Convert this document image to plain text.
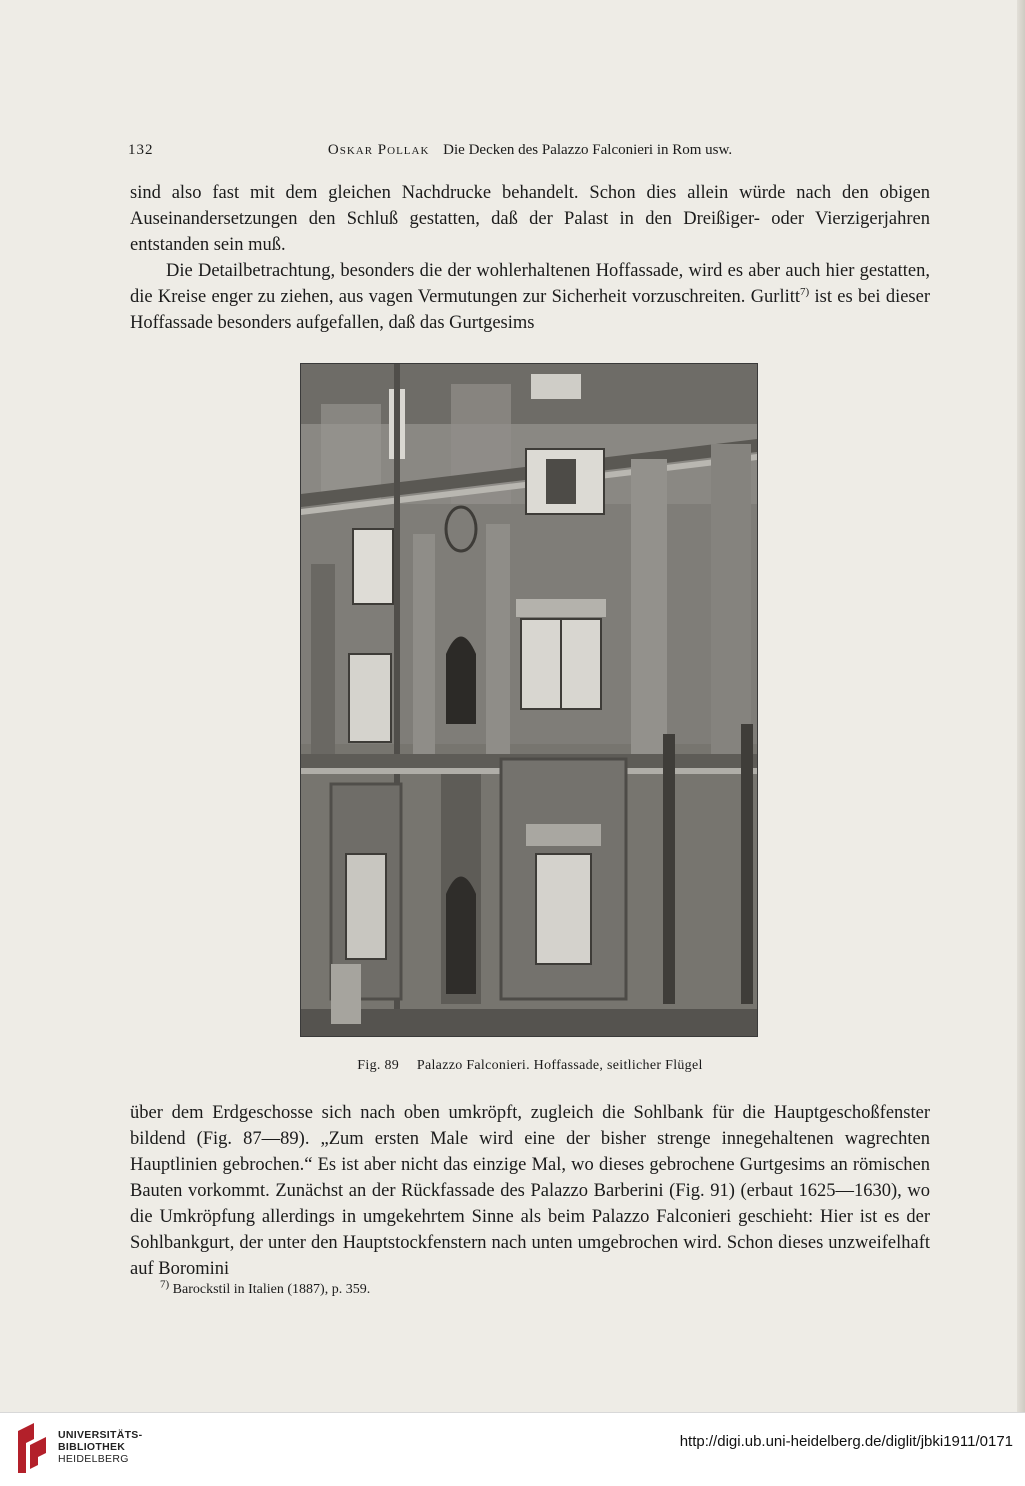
132	Oskar Pollak Die Decken des Palazzo Falconieri in Rom usw.

sind also fast mit dem gleichen Nachdrucke behandelt. Schon dies allein würde nach den obigen Auseinandersetzungen den Schluß gestatten, daß der Palast in den Dreißiger- oder Vierzigerjahren entstanden sein muß.

Die Detailbetrachtung, besonders die der wohlerhaltenen Hoffassade, wird es aber auch hier gestatten, die Kreise enger zu ziehen, aus vagen Vermutungen zur Sicherheit vorzuschreiten. Gurlitt$^{7)}$ ist es bei dieser Hoffassade besonders aufgefallen, daß das Gurtgesims

Fig. 89 Palazzo Falconieri. Hoffassade, seitlicher Flügel

über dem Erdgeschosse sich nach oben umkröpft, zugleich die Sohlbank für die Hauptgeschoßfenster bildend (Fig. 87—89). „Zum ersten Male wird eine der bisher strenge innegehaltenen wagrechten Hauptlinien gebrochen.“ Es ist aber nicht das einzige Mal, wo dieses gebrochene Gurtgesims an römischen Bauten vorkommt. Zunächst an der Rückfassade des Palazzo Barberini (Fig. 91) (erbaut 1625—1630), wo die Umkröpfung allerdings in umgekehrtem Sinne als beim Palazzo Falconieri geschieht: Hier ist es der Sohlbankgurt, der unter den Hauptstockfenstern nach unten umgebrochen wird. Schon dieses unzweifelhaft auf Boromini

$^{7)}$ Barockstil in Italien (1887), p. 359.
UNIVERSITÄTS-
BIBLIOTHEK
HEIDELBERG
http://digi.ub.uni-heidelberg.de/diglit/jbki1911/0171
